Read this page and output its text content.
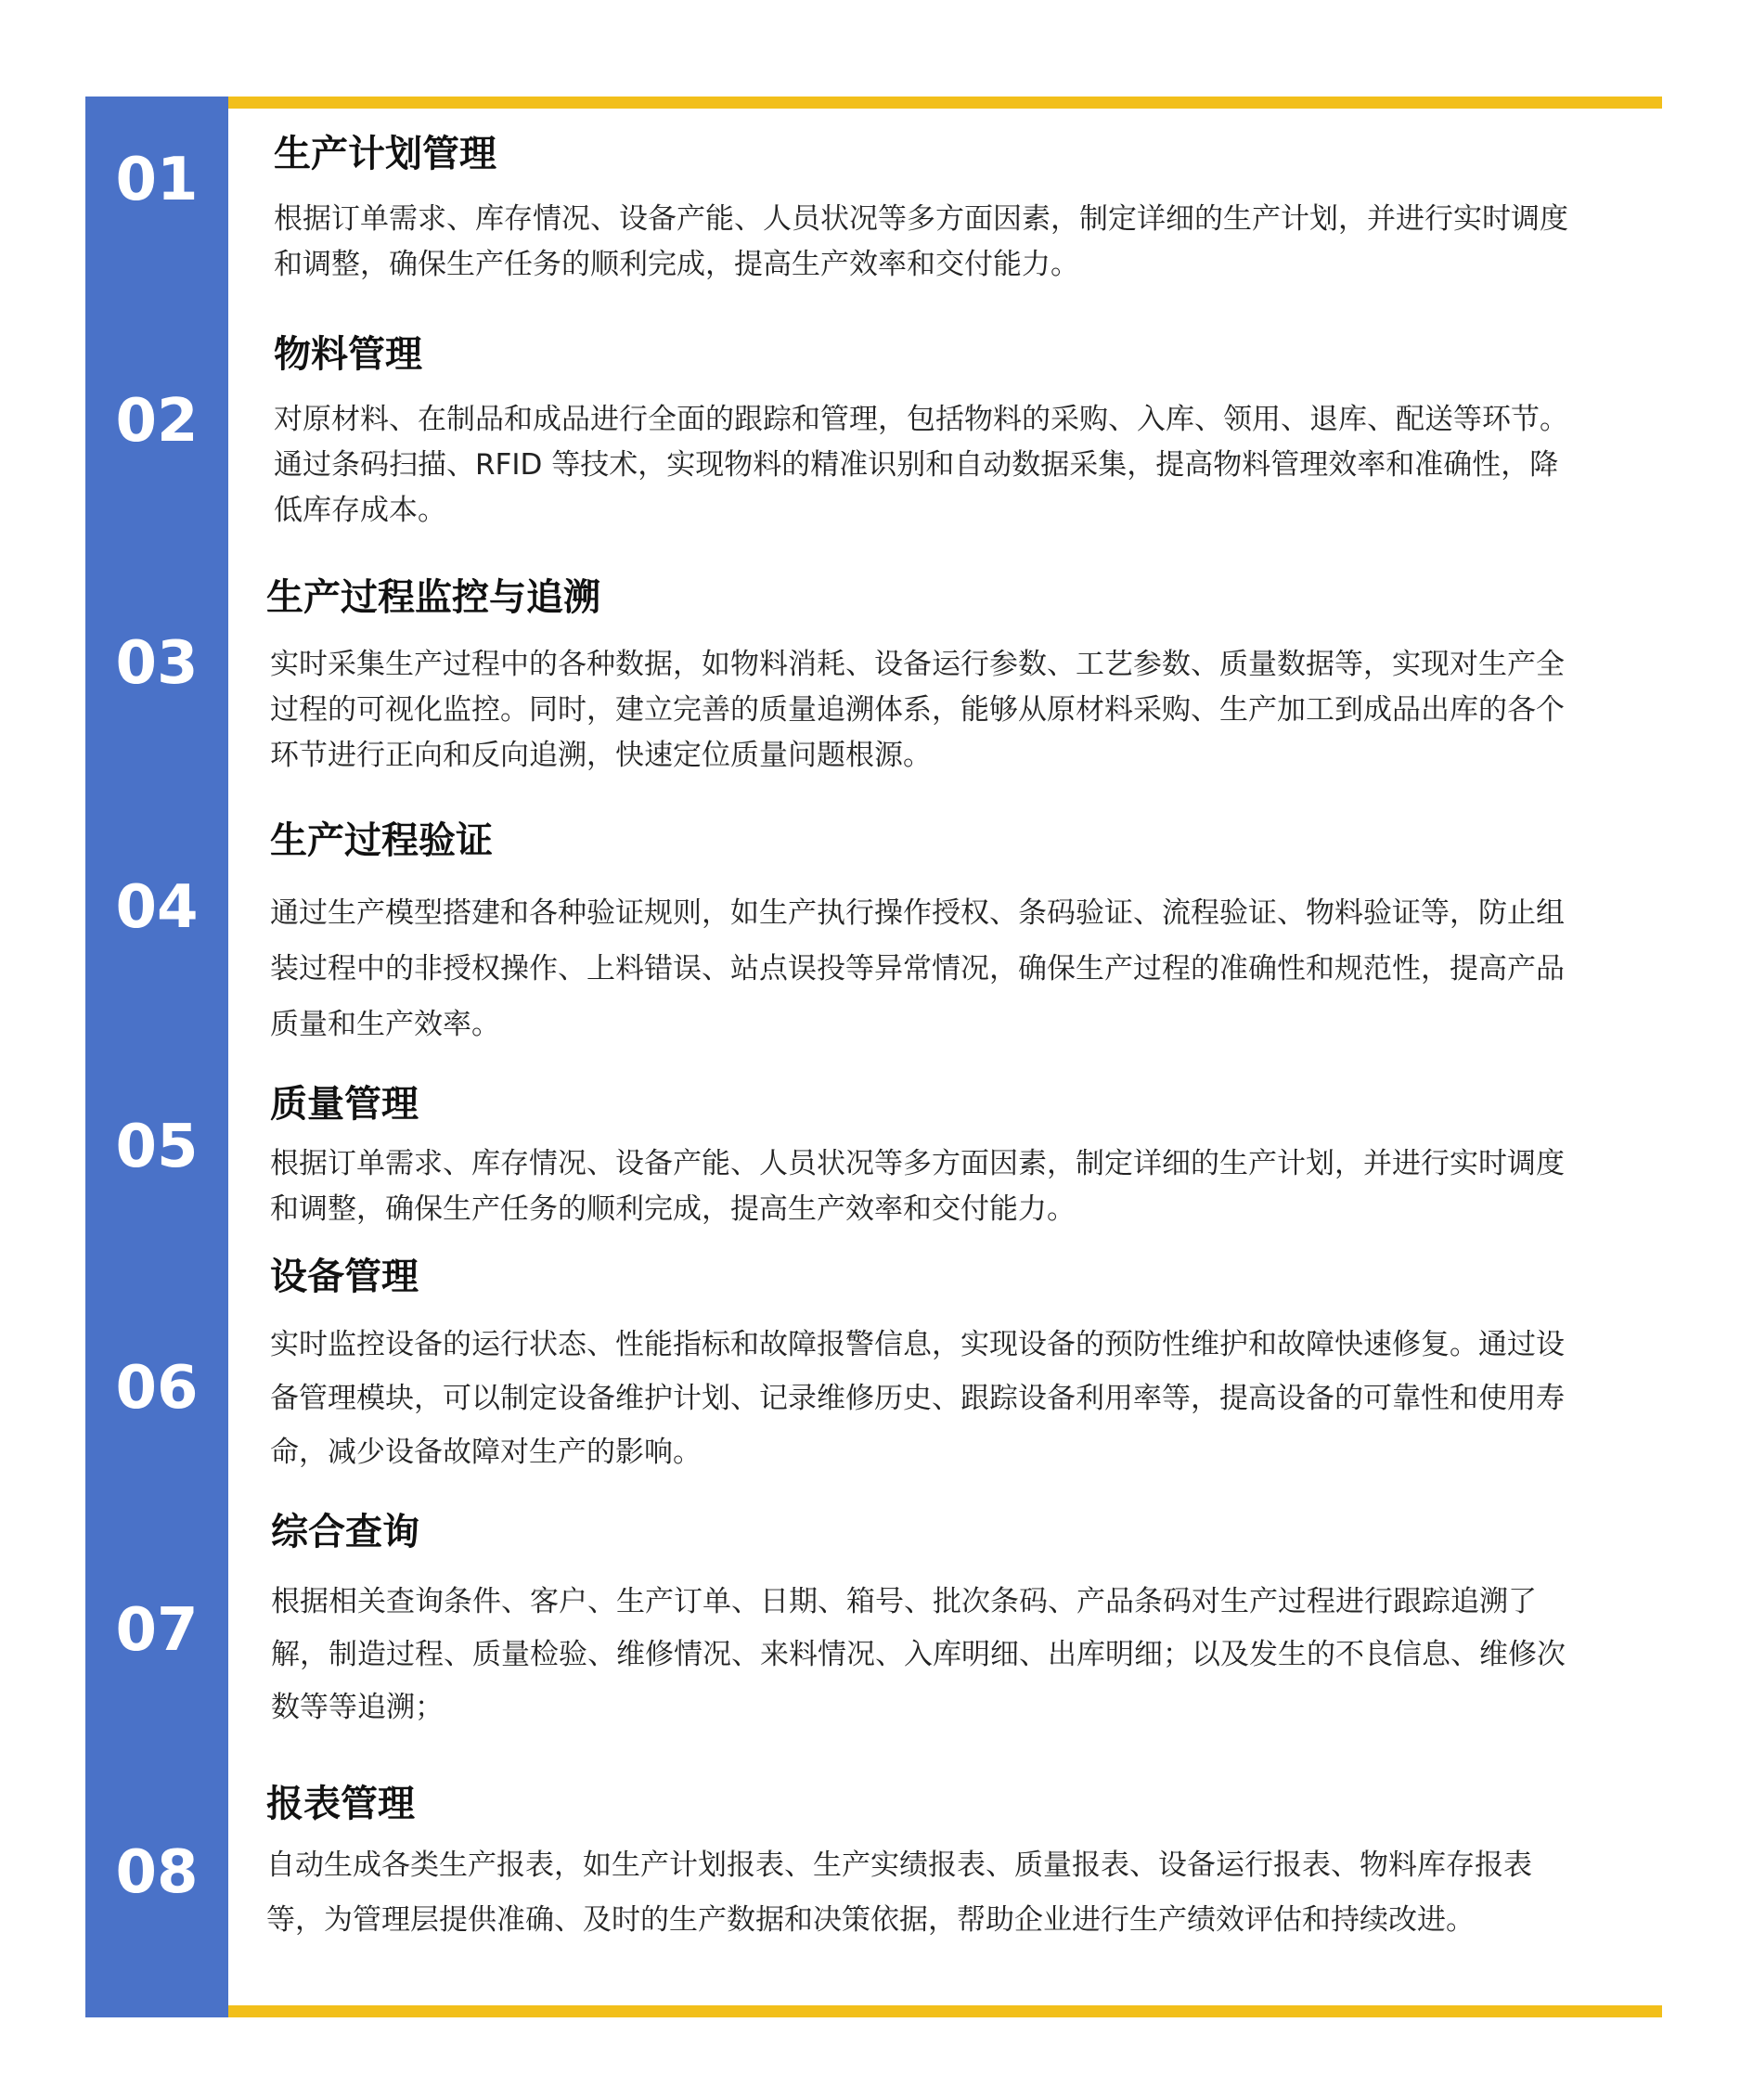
01	生产计划管理

根据订单需求、库存情况、设备产能、人员状况等多方面因素，制定详细的生产计划，并进行实时调度和调整，确保生产任务的顺利完成，提高生产效率和交付能力。

02
物料管理

对原材料、在制品和成品进行全面的跟踪和管理，包括物料的采购、入库、领用、退库、配送等环节。通过条码扫描、RFID 等技术，实现物料的精准识别和自动数据采集，提高物料管理效率和准确性，降低库存成本。

03
生产过程监控与追溯

实时采集生产过程中的各种数据，如物料消耗、设备运行参数、工艺参数、质量数据等，实现对生产全过程的可视化监控。同时，建立完善的质量追溯体系，能够从原材料采购、生产加工到成品出库的各个环节进行正向和反向追溯，快速定位质量问题根源。

04
生产过程验证

通过生产模型搭建和各种验证规则，如生产执行操作授权、条码验证、流程验证、物料验证等，防止组装过程中的非授权操作、上料错误、站点误投等异常情况，确保生产过程的准确性和规范性，提高产品质量和生产效率。

05
质量管理

根据订单需求、库存情况、设备产能、人员状况等多方面因素，制定详细的生产计划，并进行实时调度和调整，确保生产任务的顺利完成，提高生产效率和交付能力。

06
设备管理

实时监控设备的运行状态、性能指标和故障报警信息，实现设备的预防性维护和故障快速修复。通过设备管理模块，可以制定设备维护计划、记录维修历史、跟踪设备利用率等，提高设备的可靠性和使用寿命，减少设备故障对生产的影响。

07
综合查询

根据相关查询条件、客户、生产订单、日期、箱号、批次条码、产品条码对生产过程进行跟踪追溯了解，制造过程、质量检验、维修情况、来料情况、入库明细、出库明细；以及发生的不良信息、维修次数等等追溯；

08
报表管理

自动生成各类生产报表，如生产计划报表、生产实绩报表、质量报表、设备运行报表、物料库存报表等，为管理层提供准确、及时的生产数据和决策依据，帮助企业进行生产绩效评估和持续改进。
